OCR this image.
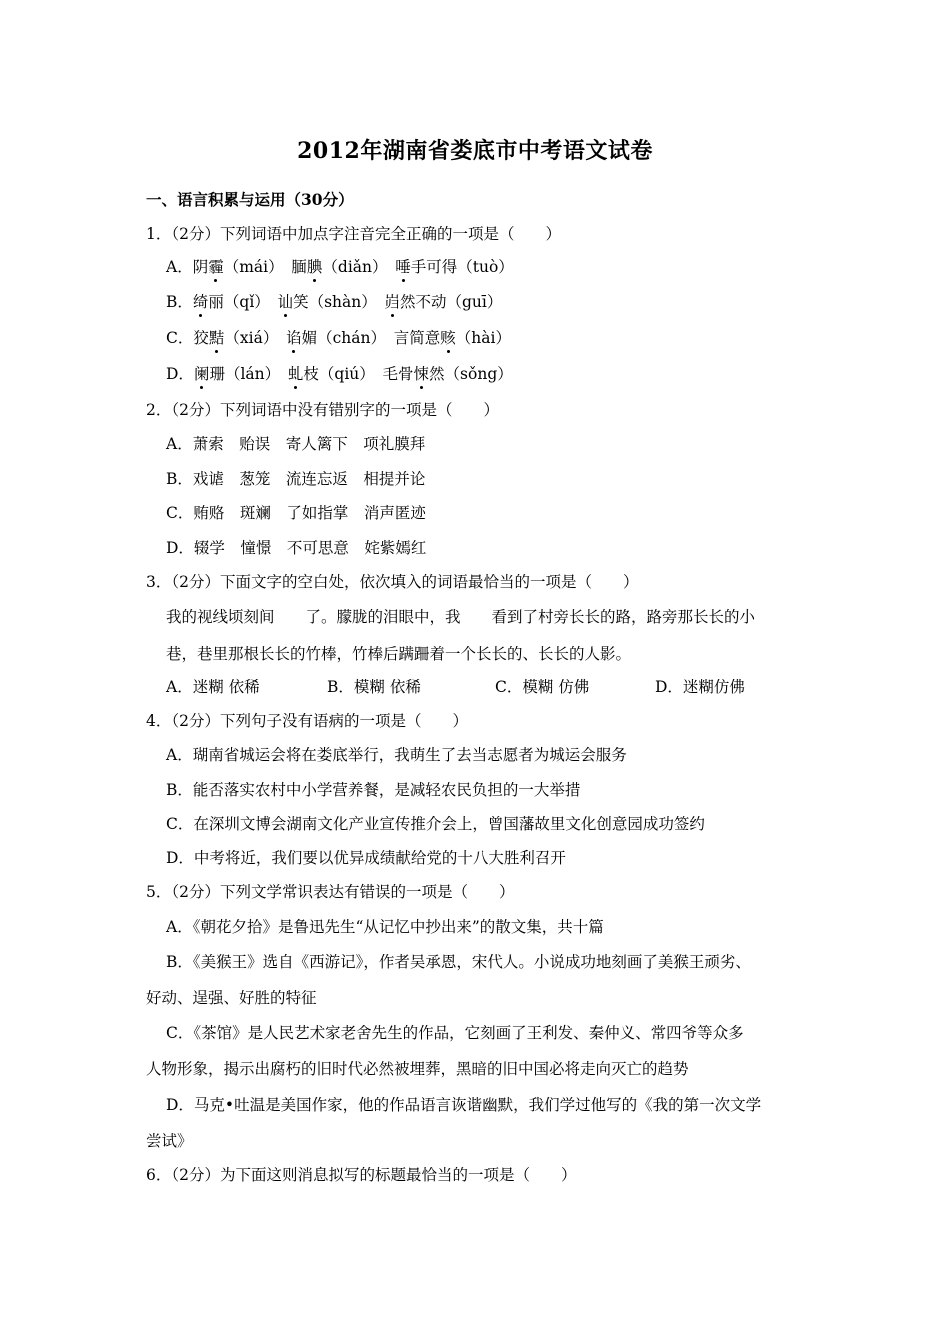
2012年湖南省娄底市中考语文试卷
一、语言积累与运用（30分）
1．（2分）下列词语中加点字注音完全正确的一项是（　　）
A．阴霾（mái）　腼腆（diǎn）　唾手可得（tuò）
B．绮丽（qǐ）　讪笑（shàn）　岿然不动（guī）
C．狡黠（xiá）　谄媚（chán）　言简意赅（hài）
D．阑珊（lán）　虬枝（qiú）　毛骨悚然（sǒng）
2．（2分）下列词语中没有错别字的一项是（　　）
A．萧索　贻误　寄人篱下　项礼膜拜
B．戏谑　葱笼　流连忘返　相提并论
C．贿赂　斑斓　了如指掌　消声匿迹
D．辍学　憧憬　不可思意　姹紫嫣红
3．（2分）下面文字的空白处，依次填入的词语最恰当的一项是（　　）
我的视线顷刻间　　了。朦胧的泪眼中，我　　看到了村旁长长的路，路旁那长长的小
巷，巷里那根长长的竹棒，竹棒后蹒跚着一个长长的、长长的人影。
A．迷糊 依稀	B．模糊 依稀	C．模糊 仿佛	D．迷糊仿佛
4．（2分）下列句子没有语病的一项是（　　）
A．瑚南省城运会将在娄底举行，我萌生了去当志愿者为城运会服务
B．能否落实农村中小学营养餐，是减轻农民负担的一大举措
C．在深圳文博会湖南文化产业宣传推介会上，曾国藩故里文化创意园成功签约
D．中考将近，我们要以优异成绩献给党的十八大胜利召开
5．（2分）下列文学常识表达有错误的一项是（　　）
A．《朝花夕拾》是鲁迅先生“从记忆中抄出来”的散文集，共十篇
B．《美猴王》选自《西游记》，作者吴承恩，宋代人。小说成功地刻画了美猴王顽劣、
好动、逞强、好胜的特征
C．《茶馆》是人民艺术家老舍先生的作品，它刻画了王利发、秦仲义、常四爷等众多
人物形象，揭示出腐朽的旧时代必然被埋葬，黑暗的旧中国必将走向灭亡的趋势
D．马克•吐温是美国作家，他的作品语言诙谐幽默，我们学过他写的《我的第一次文学
尝试》
6．（2分）为下面这则消息拟写的标题最恰当的一项是（　　）
